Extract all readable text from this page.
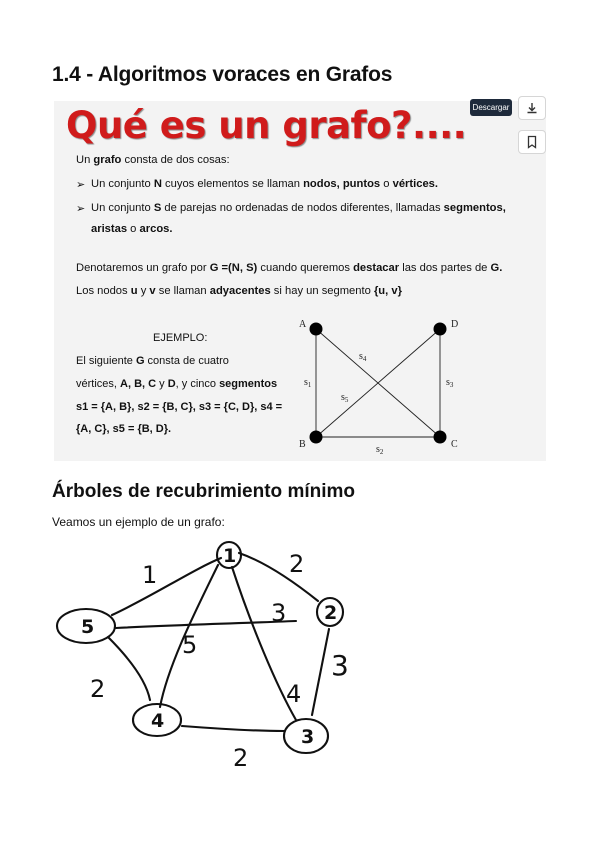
1.4 - Algoritmos voraces en Grafos
Qué es un grafo?....
Un grafo consta de dos cosas:
➢ Un conjunto N cuyos elementos se llaman nodos, puntos o vértices.
➢ Un conjunto S de parejas no ordenadas de nodos diferentes, llamadas segmentos,
aristas o arcos.
Denotaremos un grafo por G =(N, S) cuando queremos destacar las dos partes de G.
Los nodos u y v se llaman adyacentes si hay un segmento {u, v}
EJEMPLO:
El siguiente G consta de cuatro
vértices, A, B, C y D, y cinco segmentos
s1 = {A, B}, s2 = {B, C}, s3 = {C, D}, s4 =
{A, C}, s5 = {B, D}.
A	D
B	C
$s_1$
$s_2$
$s_3$
$s_4$
$s_5$
Descargar
Árboles de recubrimiento mínimo
Veamos un ejemplo de un grafo:
1
2
3
4
5
1	2
3
3
2
5
4
2
